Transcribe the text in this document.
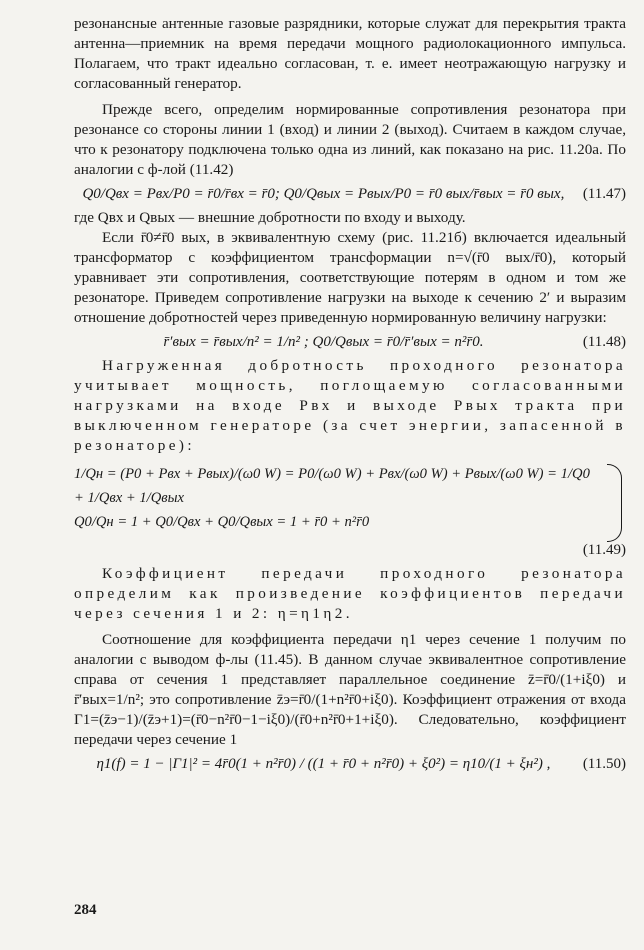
резонансные антенные газовые разрядники, которые служат для перекрытия тракта антенна—приемник на время передачи мощного радиолокационного импульса. Полагаем, что тракт идеально согласован, т. е. имеет неотражающую нагрузку и согласованный генератор.

Прежде всего, определим нормированные сопротивления резонатора при резонансе со стороны линии 1 (вход) и линии 2 (выход). Считаем в каждом случае, что к резонатору подключена только одна из линий, как показано на рис. 11.20а. По аналогии с ф-лой (11.42)

Q0/Qвх = Pвх/P0 = r̄0/r̄вх = r̄0; Q0/Qвых = Pвых/P0 = r̄0 вых/r̄вых = r̄0 вых,	(11.47)

где Qвх и Qвых — внешние добротности по входу и выходу.

Если r̄0≠r̄0 вых, в эквивалентную схему (рис. 11.21б) включается идеальный трансформатор с коэффициентом трансформации n=√(r̄0 вых/r̄0), который уравнивает эти сопротивления, соответствующие потерям в одном и том же резонаторе. Приведем сопротивление нагрузки на выходе к сечению 2′ и выразим отношение добротностей через приведенную нормированную величину нагрузки:

r̄′вых = r̄вых/n² = 1/n² ; Q0/Qвых = r̄0/r̄′вых = n²r̄0.	(11.48)

Нагруженная добротность проходного резонатора учитывает мощность, поглощаемую согласованными нагрузками на входе Pвх и выходе Pвых тракта при выключенном генераторе (за счет энергии, запасенной в резонаторе):

1/Qн = (P0 + Pвх + Pвых)/(ω0 W) = P0/(ω0 W) + Pвх/(ω0 W) + Pвых/(ω0 W) = 1/Q0 + 1/Qвх + 1/Qвых
Q0/Qн = 1 + Q0/Qвх + Q0/Qвых = 1 + r̄0 + n²r̄0
(11.49)

Коэффициент передачи проходного резонатора определим как произведение коэффициентов передачи через сечения 1 и 2: η=η1η2.

Соотношение для коэффициента передачи η1 через сечение 1 получим по аналогии с выводом ф-лы (11.45). В данном случае эквивалентное сопротивление справа от сечения 1 представляет параллельное соединение z̄=r̄0/(1+iξ0) и r̄′вых=1/n²; это сопротивление z̄э=r̄0/(1+n²r̄0+iξ0). Коэффициент отражения от входа Γ1=(z̄э−1)/(z̄э+1)=(r̄0−n²r̄0−1−iξ0)/(r̄0+n²r̄0+1+iξ0). Следовательно, коэффициент передачи через сечение 1

η1(f) = 1 − |Γ1|² = 4r̄0(1 + n²r̄0) / ((1 + r̄0 + n²r̄0) + ξ0²) = η10/(1 + ξн²) ,	(11.50)
284
